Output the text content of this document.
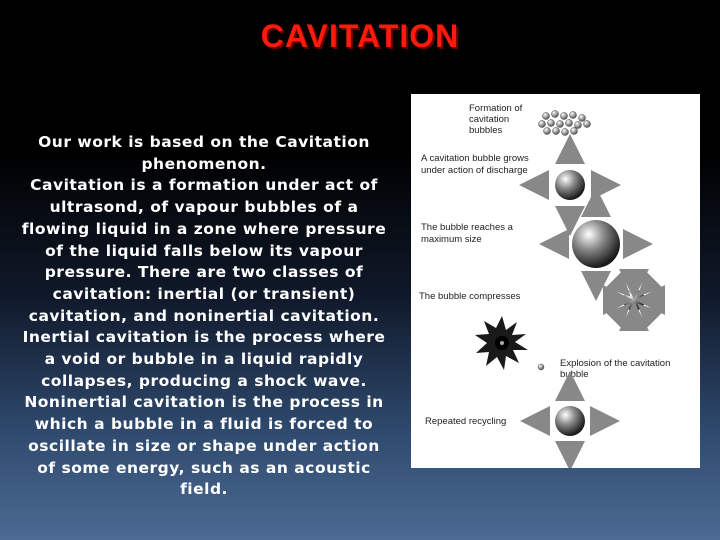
CAVITATION

Our work is based on the Cavitation phenomenon.

Cavitation is a formation under act of ultrasond, of vapour bubbles of a flowing liquid in a zone where pressure of the liquid falls below its vapour pressure. There are two classes of cavitation: inertial (or transient) cavitation, and noninertial cavitation. Inertial cavitation is the process where a void or bubble in a liquid rapidly collapses, producing a shock wave. Noninertial cavitation is the process in which a bubble in a fluid is forced to oscillate in size or shape under action of some energy, such as an acoustic field.

Formation of
cavitation
bubbles
A cavitation bubble grows
under action of discharge
The bubble reaches a
maximum size
The bubble compresses
Explosion of the cavitation
bubble
Repeated recycling
